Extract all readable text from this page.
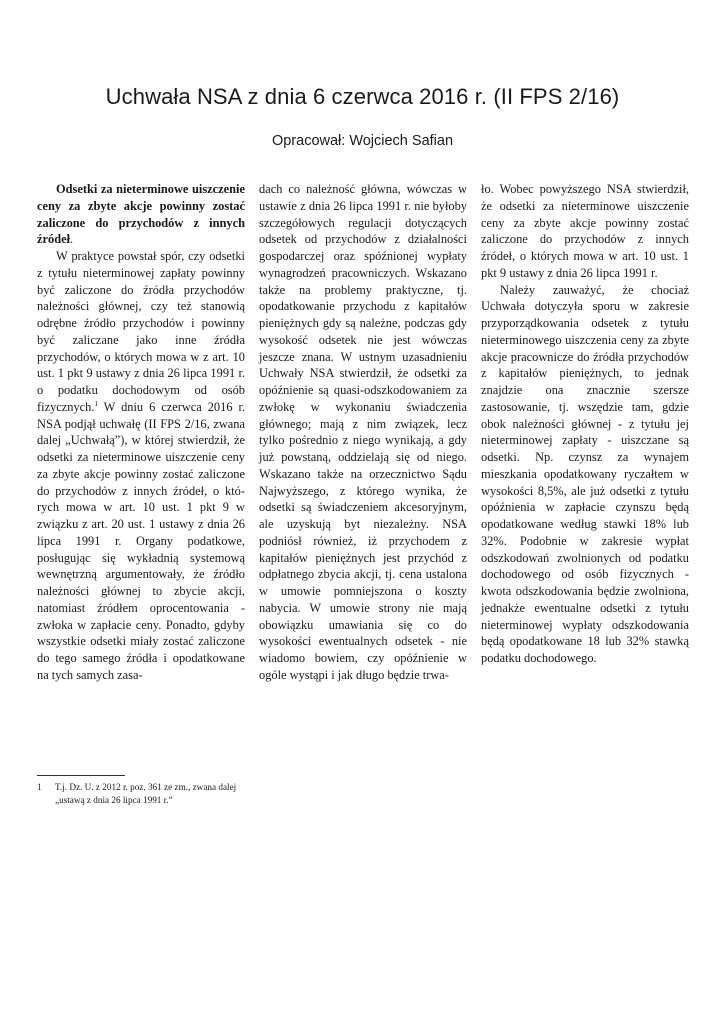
Uchwała NSA z dnia 6 czerwca 2016 r. (II FPS 2/16)
Opracował: Wojciech Safian

Odsetki za nieterminowe uiszczenie ceny za zbyte akcje powinny zostać zaliczone do przychodów z innych źródeł.

W praktyce powstał spór, czy odsetki z tytułu nieterminowej zapłaty powinny być zaliczone do źródła przychodów należności głównej, czy też stanowią odrębne źródło przychodów i powinny być zaliczane jako inne źródła przychodów, o których mowa w z art. 10 ust. 1 pkt 9 ustawy z dnia 26 lipca 1991 r. o podatku dochodowym od osób fizycznych.$^1$ W dniu 6 czerwca 2016 r. NSA podjął uchwałę (II FPS 2/16, zwana dalej „Uchwałą”), w której stwierdził, że odsetki za nieterminowe uiszczenie ceny za zbyte akcje powinny zostać zaliczone do przychodów z innych źródeł, o których mowa w art. 10 ust. 1 pkt 9 w związku z art. 20 ust. 1 ustawy z dnia 26 lipca 1991 r. Organy podatkowe, posługując się wykładnią systemową wewnętrzną argumentowały, że źródło należności głównej to zbycie akcji, natomiast źródłem oprocentowania - zwłoka w zapłacie ceny. Ponadto, gdyby wszystkie odsetki miały zostać zaliczone do tego samego źródła i opodatkowane na tych samych zasa-

dach co należność główna, wówczas w ustawie z dnia 26 lipca 1991 r. nie byłoby szczegółowych regulacji dotyczących odsetek od przychodów z działalności gospodarczej oraz spóźnionej wypłaty wynagrodzeń pracowniczych. Wskazano także na problemy praktyczne, tj. opodatkowanie przychodu z kapitałów pieniężnych gdy są należne, podczas gdy wysokość odsetek nie jest wówczas jeszcze znana. W ustnym uzasadnieniu Uchwały NSA stwierdził, że odsetki za opóźnienie są quasi-odszkodowaniem za zwłokę w wykonaniu świadczenia głównego; mają z nim związek, lecz tylko pośrednio z niego wynikają, a gdy już powstaną, oddzielają się od niego. Wskazano także na orzecznictwo Sądu Najwyższego, z którego wynika, że odsetki są świadczeniem akcesoryjnym, ale uzyskują byt niezależny. NSA podniósł również, iż przychodem z kapitałów pieniężnych jest przychód z odpłatnego zbycia akcji, tj. cena ustalona w umowie pomniejszona o koszty nabycia. W umowie strony nie mają obowiązku umawiania się co do wysokości ewentualnych odsetek - nie wiadomo bowiem, czy opóźnienie w ogóle wystąpi i jak długo będzie trwa-

ło. Wobec powyższego NSA stwierdził, że odsetki za nieterminowe uiszczenie ceny za zbyte akcje powinny zostać zaliczone do przychodów z innych źródeł, o których mowa w art. 10 ust. 1 pkt 9 ustawy z dnia 26 lipca 1991 r.

Należy zauważyć, że chociaż Uchwała dotyczyła sporu w zakresie przyporządkowania odsetek z tytułu nieterminowego uiszczenia ceny za zbyte akcje pracownicze do źródła przychodów z kapitałów pieniężnych, to jednak znajdzie ona znacznie szersze zastosowanie, tj. wszędzie tam, gdzie obok należności głównej - z tytułu jej nieterminowej zapłaty - uiszczane są odsetki. Np. czynsz za wynajem mieszkania opodatkowany ryczałtem w wysokości 8,5%, ale już odsetki z tytułu opóźnienia w zapłacie czynszu będą opodatkowane według stawki 18% lub 32%. Podobnie w zakresie wypłat odszkodowań zwolnionych od podatku dochodowego od osób fizycznych - kwota odszkodowania będzie zwolniona, jednakże ewentualne odsetki z tytułu nieterminowej wypłaty odszkodowania będą opodatkowane 18 lub 32% stawką podatku dochodowego.

1 T.j. Dz. U. z 2012 r. poz. 361 ze zm., zwana dalej „ustawą z dnia 26 lipca 1991 r.”
